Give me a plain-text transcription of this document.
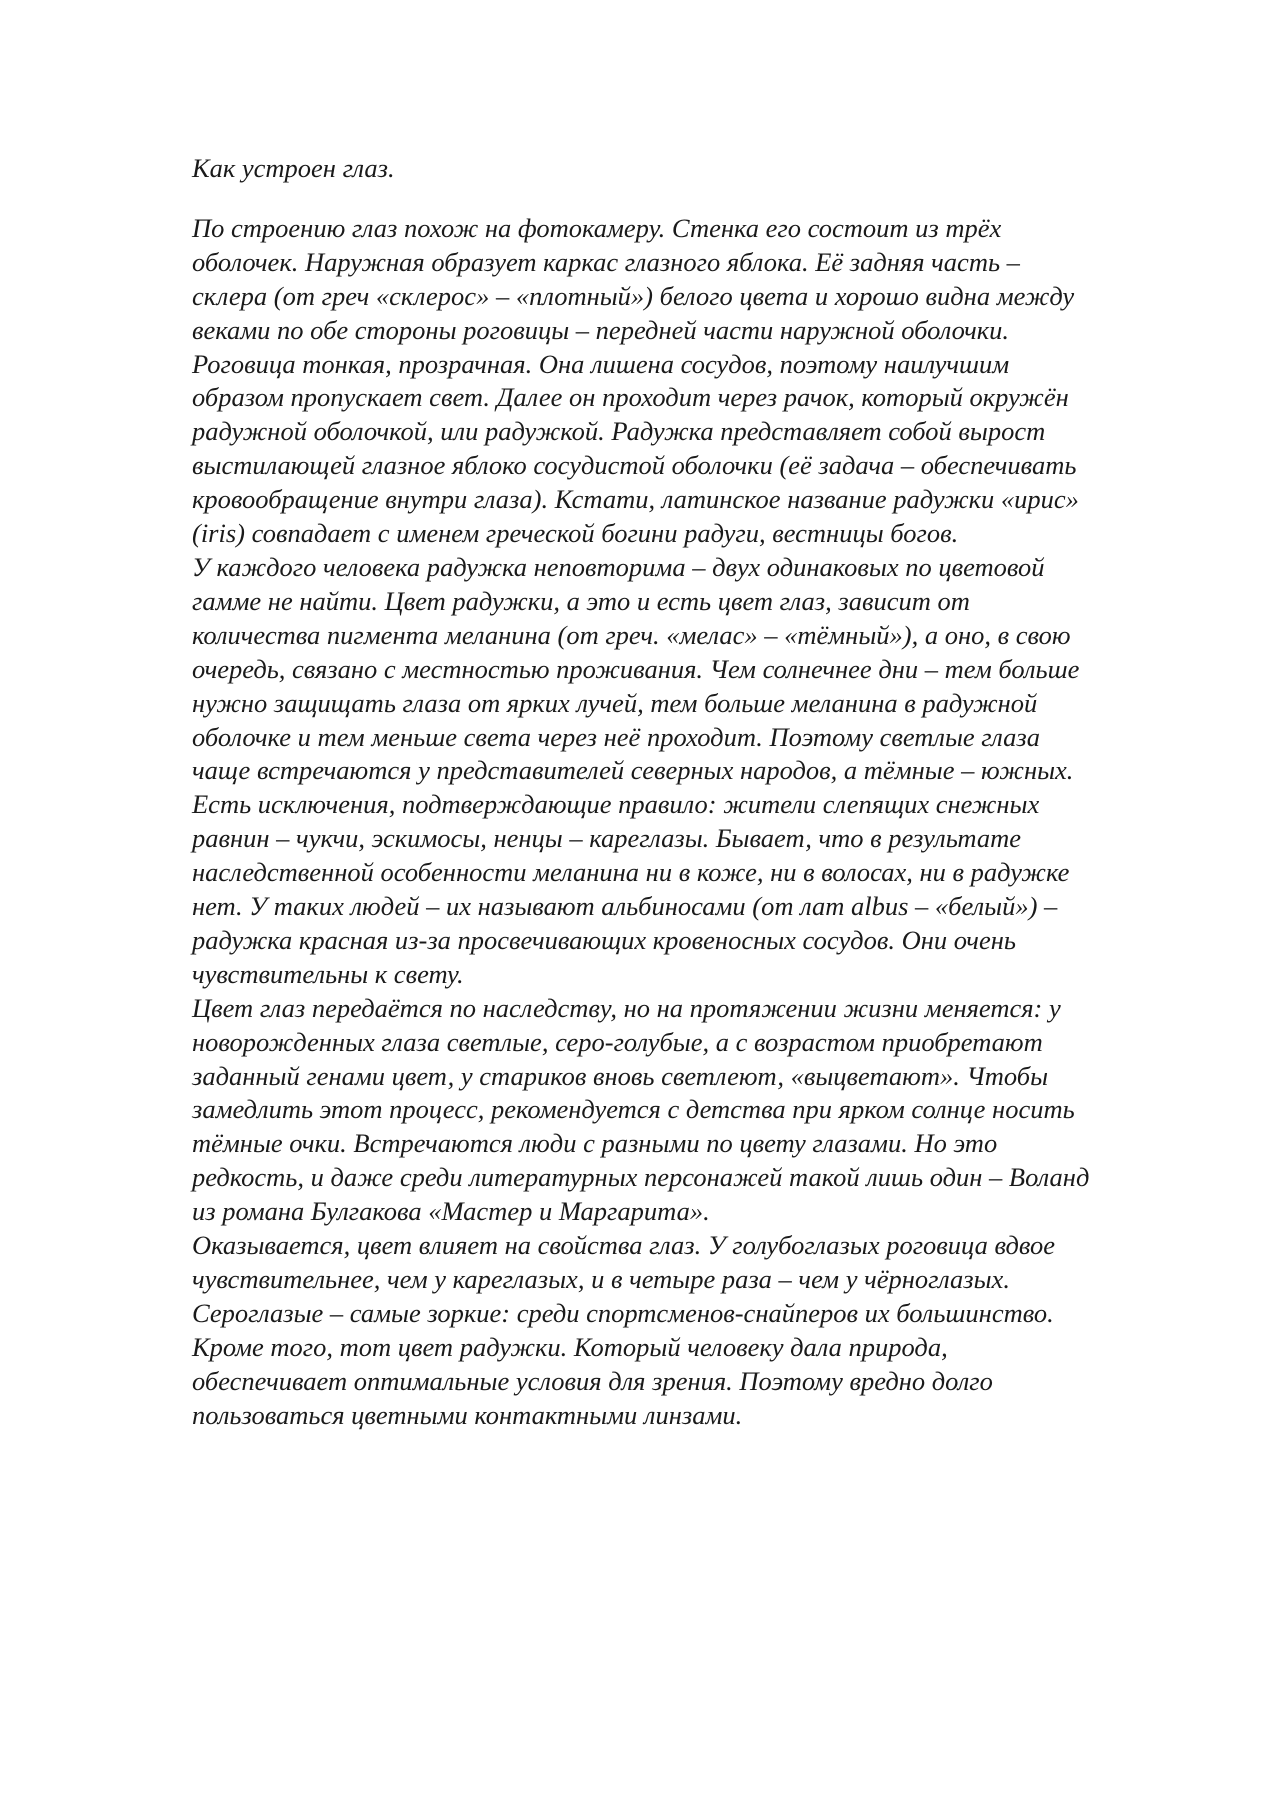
Как устроен глаз.

По строению глаз похож на фотокамеру. Стенка его состоит из трёх оболочек. Наружная образует каркас глазного яблока. Её задняя часть – склера (от греч «склерос» – «плотный») белого цвета и хорошо видна между веками по обе стороны роговицы – передней части наружной оболочки. Роговица тонкая, прозрачная. Она лишена сосудов, поэтому наилучшим образом пропускает свет. Далее он проходит через рачок, который окружён радужной оболочкой, или радужкой. Радужка представляет собой вырост выстилающей глазное яблоко сосудистой оболочки (её задача – обеспечивать кровообращение внутри глаза). Кстати, латинское название радужки «ирис» (iris) совпадает с именем греческой богини радуги, вестницы богов.

У каждого человека радужка неповторима – двух одинаковых по цветовой гамме не найти. Цвет радужки, а это и есть цвет глаз, зависит от количества пигмента меланина (от греч. «мелас» – «тёмный»), а оно, в свою очередь, связано с местностью проживания. Чем солнечнее дни – тем больше нужно защищать глаза от ярких лучей, тем больше меланина в радужной оболочке и тем меньше света через неё проходит. Поэтому светлые глаза чаще встречаются у представителей северных народов, а тёмные – южных. Есть исключения, подтверждающие правило: жители слепящих снежных равнин – чукчи, эскимосы, ненцы – кареглазы. Бывает, что в результате наследственной особенности меланина ни в коже, ни в волосах, ни в радужке нет. У таких людей – их называют альбиносами (от лат albus – «белый») – радужка красная из-за просвечивающих кровеносных сосудов. Они очень чувствительны к свету.

Цвет глаз передаётся по наследству, но на протяжении жизни меняется: у новорожденных глаза светлые, серо-голубые, а с возрастом приобретают заданный генами цвет, у стариков вновь светлеют, «выцветают». Чтобы замедлить этот процесс, рекомендуется с детства при ярком солнце носить тёмные очки. Встречаются люди с разными по цвету глазами. Но это редкость, и даже среди литературных персонажей такой лишь один – Воланд из романа Булгакова «Мастер и Маргарита».

Оказывается, цвет влияет на свойства глаз. У голубоглазых роговица вдвое чувствительнее, чем у кареглазых, и в четыре раза – чем у чёрноглазых. Сероглазые – самые зоркие: среди спортсменов-снайперов их большинство. Кроме того, тот цвет радужки. Который человеку дала природа, обеспечивает оптимальные условия для зрения. Поэтому вредно долго пользоваться цветными контактными линзами.
